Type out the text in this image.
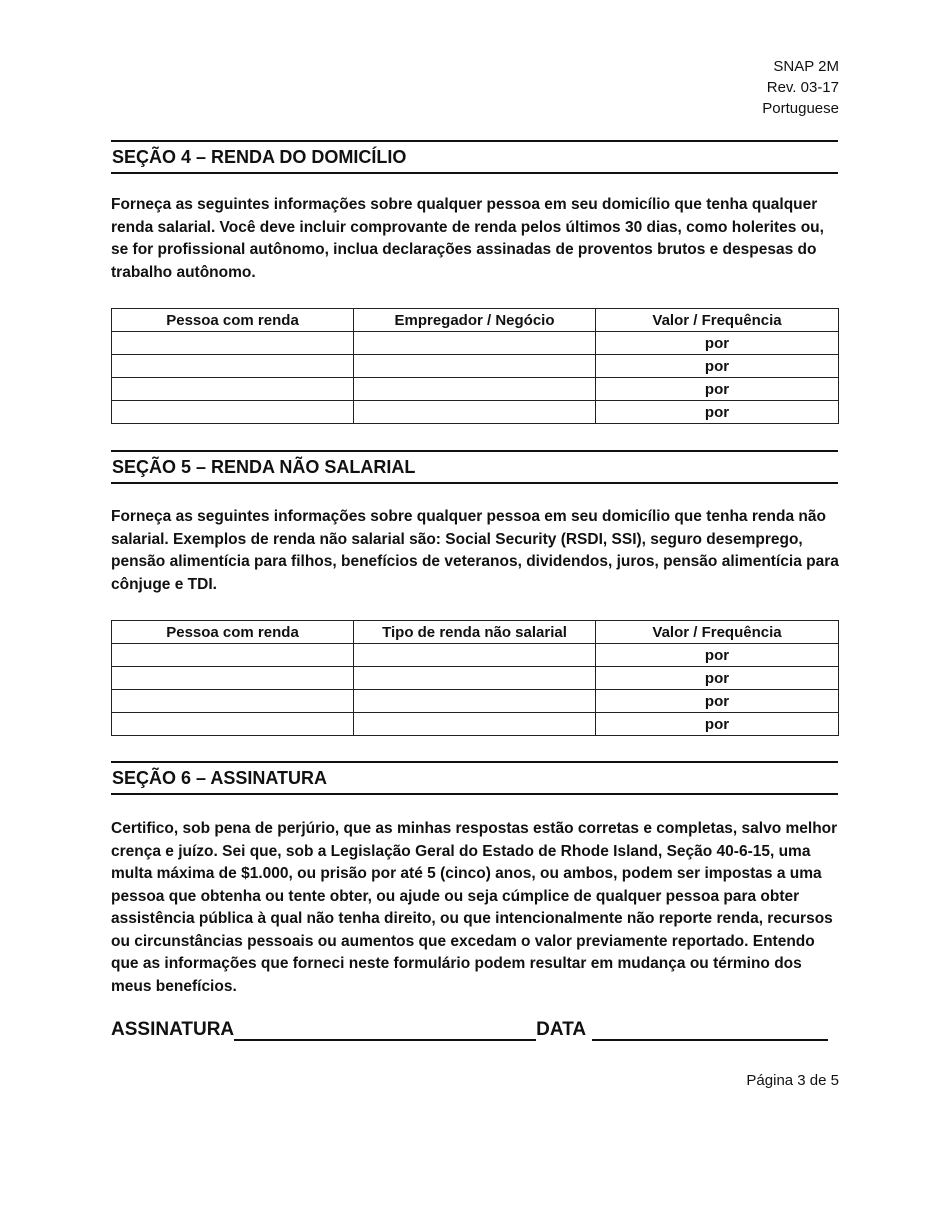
SNAP 2M
Rev. 03-17
Portuguese
SEÇÃO 4 – RENDA DO DOMICÍLIO

Forneça as seguintes informações sobre qualquer pessoa em seu domicílio que tenha qualquer renda salarial. Você deve incluir comprovante de renda pelos últimos 30 dias, como holerites ou, se for profissional autônomo, inclua declarações assinadas de proventos brutos e despesas do trabalho autônomo.

Pessoa com renda	Empregador / Negócio	Valor / Frequência
		por
		por
		por
		por
SEÇÃO 5 – RENDA NÃO SALARIAL

Forneça as seguintes informações sobre qualquer pessoa em seu domicílio que tenha renda não salarial. Exemplos de renda não salarial são: Social Security (RSDI, SSI), seguro desemprego, pensão alimentícia para filhos, benefícios de veteranos, dividendos, juros, pensão alimentícia para cônjuge e TDI.

Pessoa com renda	Tipo de renda não salarial	Valor / Frequência
		por
		por
		por
		por
SEÇÃO 6 – ASSINATURA

Certifico, sob pena de perjúrio, que as minhas respostas estão corretas e completas, salvo melhor crença e juízo. Sei que, sob a Legislação Geral do Estado de Rhode Island, Seção 40-6-15, uma multa máxima de $1.000, ou prisão por até 5 (cinco) anos, ou ambos, podem ser impostas a uma pessoa que obtenha ou tente obter, ou ajude ou seja cúmplice de qualquer pessoa para obter assistência pública à qual não tenha direito, ou que intencionalmente não reporte renda, recursos ou circunstâncias pessoais ou aumentos que excedam o valor previamente reportado. Entendo que as informações que forneci neste formulário podem resultar em mudança ou término dos meus benefícios.

ASSINATURA	DATA
Página 3 de 5
